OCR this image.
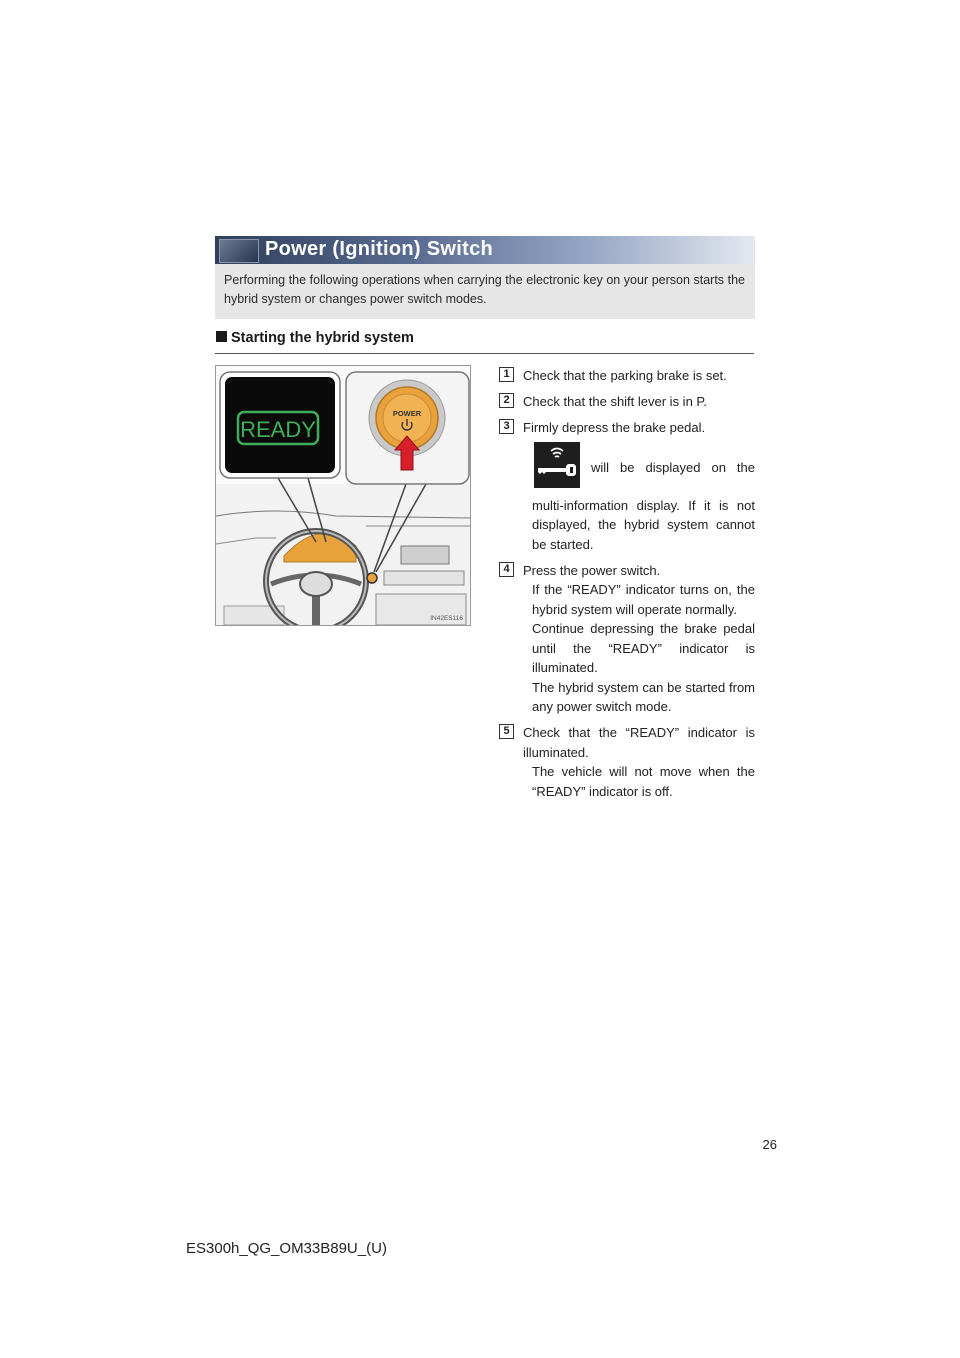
Power (Ignition) Switch
Performing the following operations when carrying the electronic key on your person starts the hybrid system or changes power switch modes.
Starting the hybrid system
READY
POWER
IN42ES116
1	Check that the parking brake is set.
2	Check that the shift lever is in P.
3	Firmly depress the brake pedal.
will be displayed on the
multi-information display. If it is not displayed, the hybrid system cannot be started.
4	Press the power switch.
If the “READY” indicator turns on, the hybrid system will operate normally.
Continue depressing the brake pedal until the “READY” indicator is illuminated.
The hybrid system can be started from any power switch mode.
5	Check that the “READY” indicator is illuminated.
The vehicle will not move when the “READY” indicator is off.
26
ES300h_QG_OM33B89U_(U)
